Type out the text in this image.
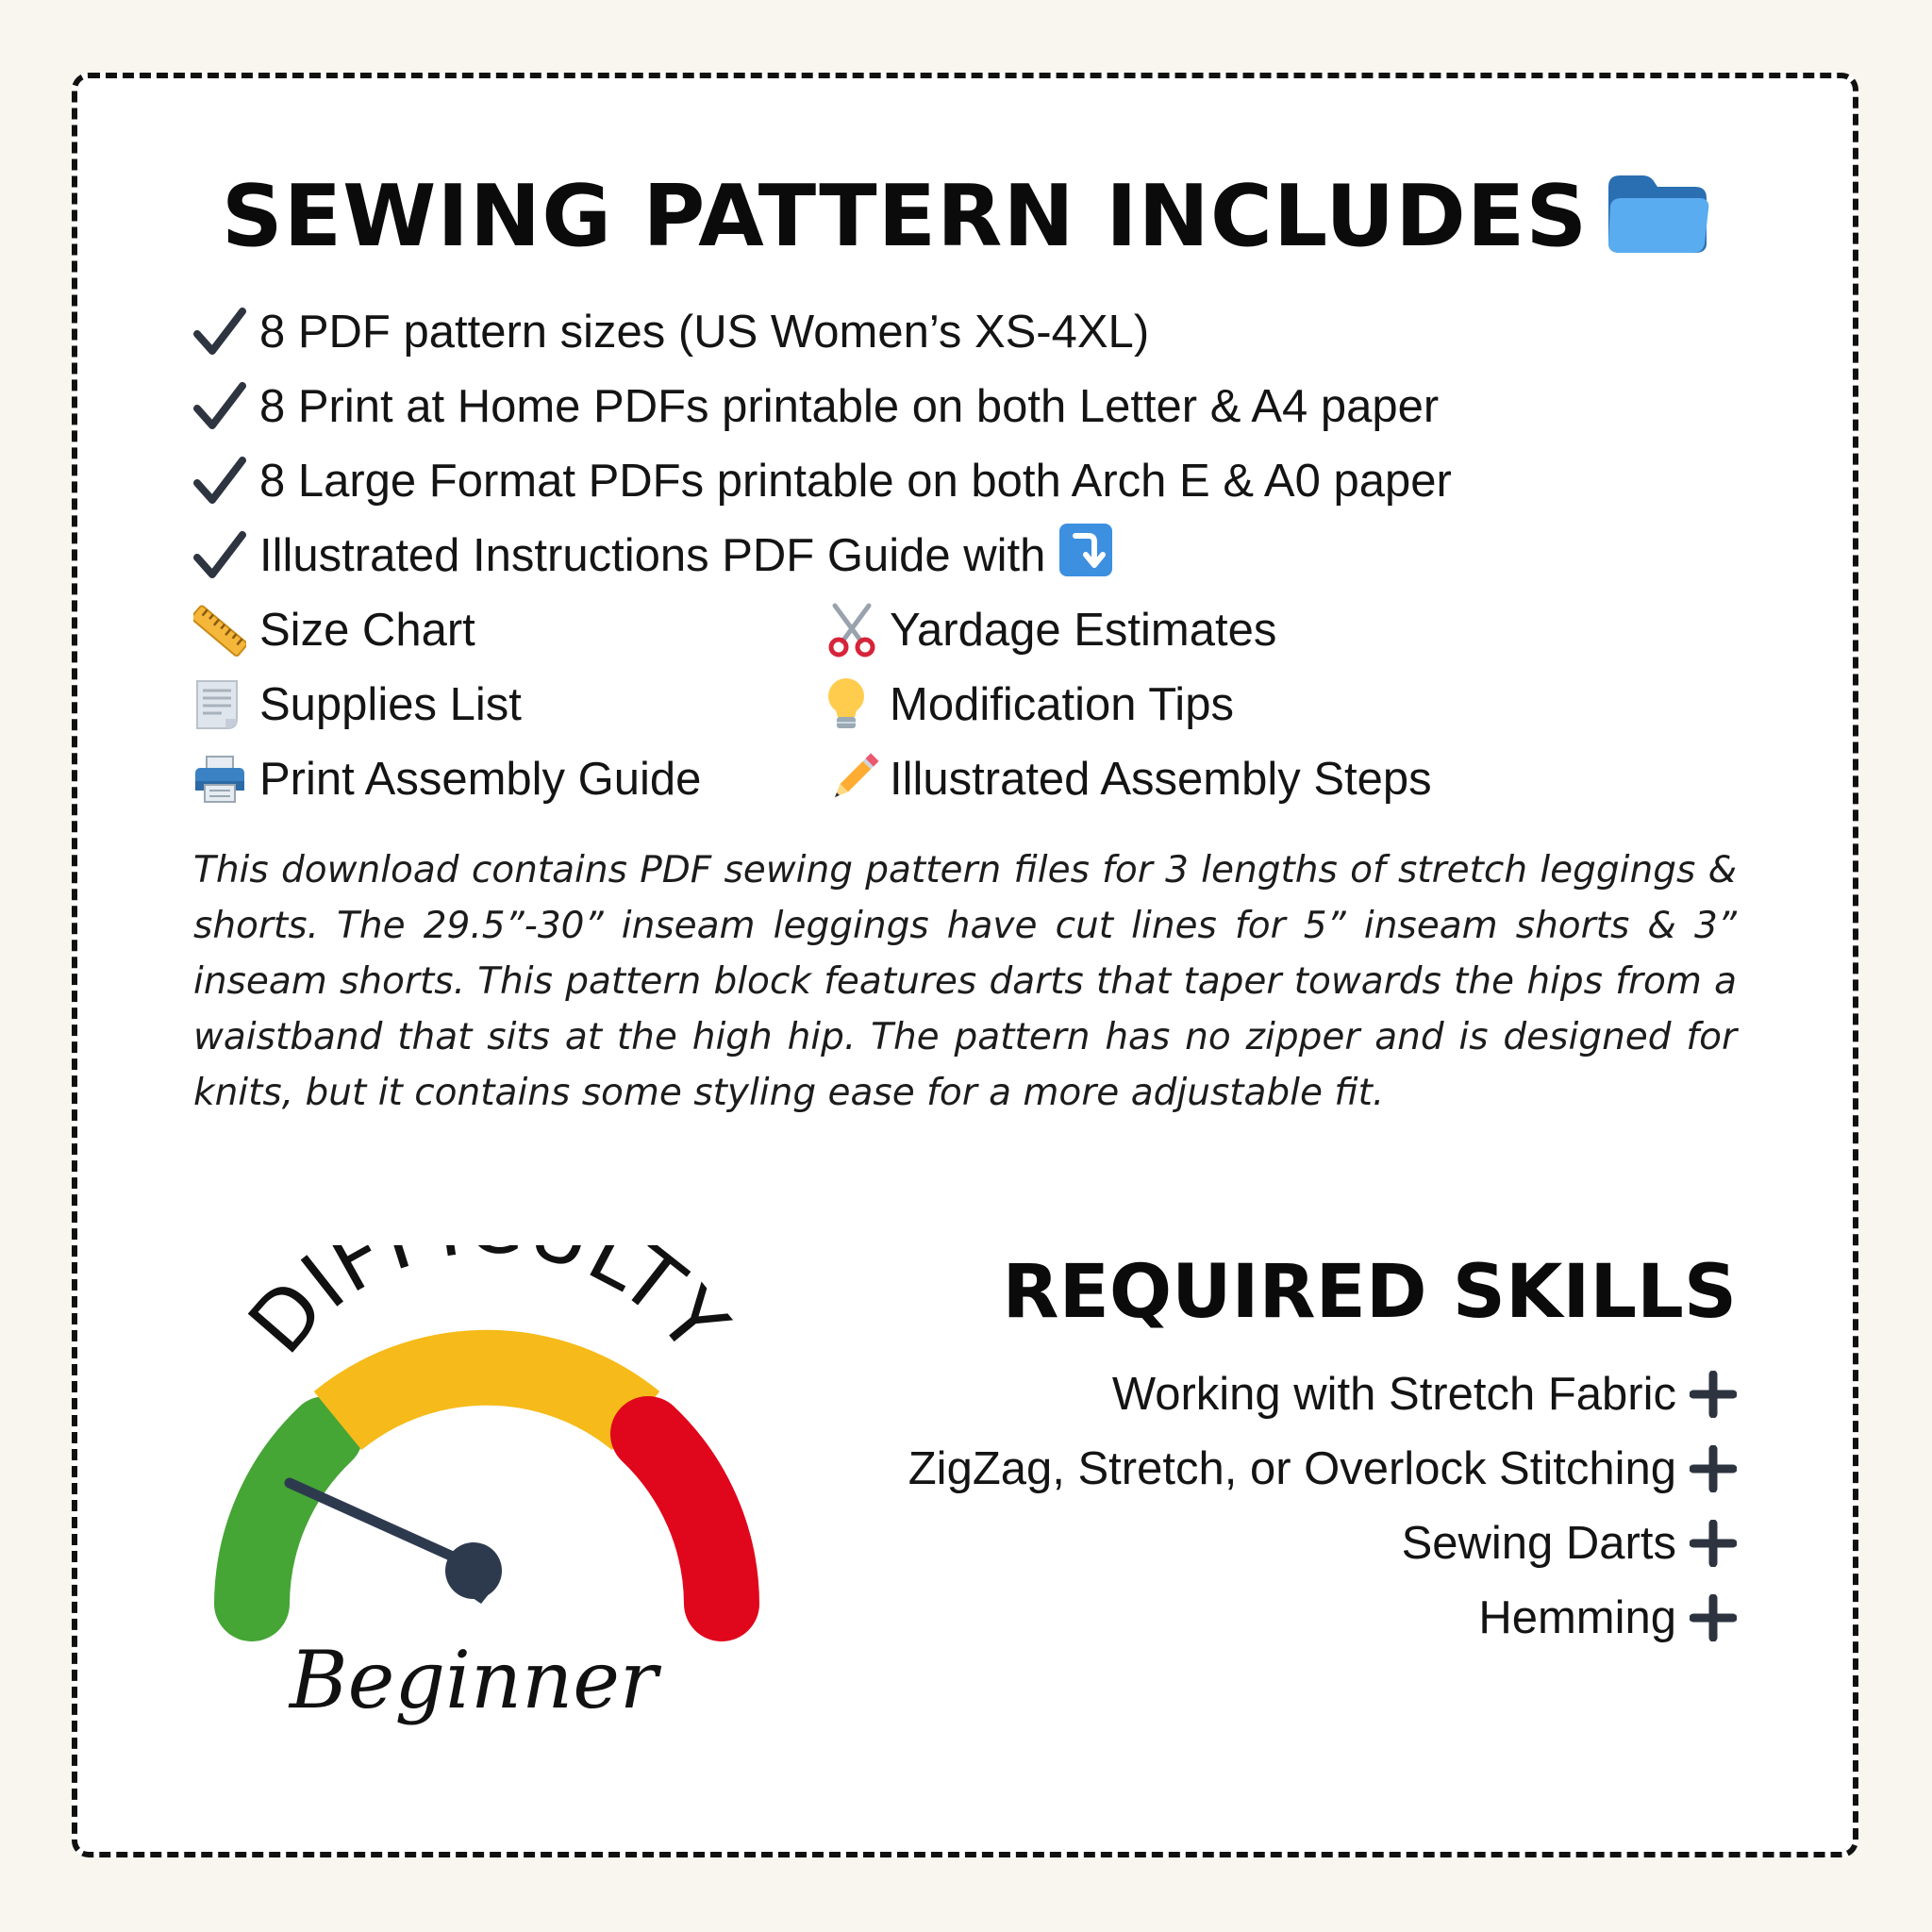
SEWING PATTERN INCLUDES
8 PDF pattern sizes (US Women’s XS-4XL)
8 Print at Home PDFs printable on both Letter & A4 paper
8 Large Format PDFs printable on both Arch E & A0 paper
Illustrated Instructions PDF Guide with
Size Chart	Yardage Estimates
Supplies List	Modification Tips
Print Assembly Guide	Illustrated Assembly Steps

This download contains PDF sewing pattern files for 3 lengths of stretch leggings & shorts. The 29.5”-30” inseam leggings have cut lines for 5” inseam shorts & 3” inseam shorts. This pattern block features darts that taper towards the hips from a waistband that sits at the high hip. The pattern has no zipper and is designed for knits, but it contains some styling ease for a more adjustable fit.

DIF LTY
Beginner
REQUIRED SKILLS
Working with Stretch Fabric
ZigZag, Stretch, or Overlock Stitching
Sewing Darts
Hemming
